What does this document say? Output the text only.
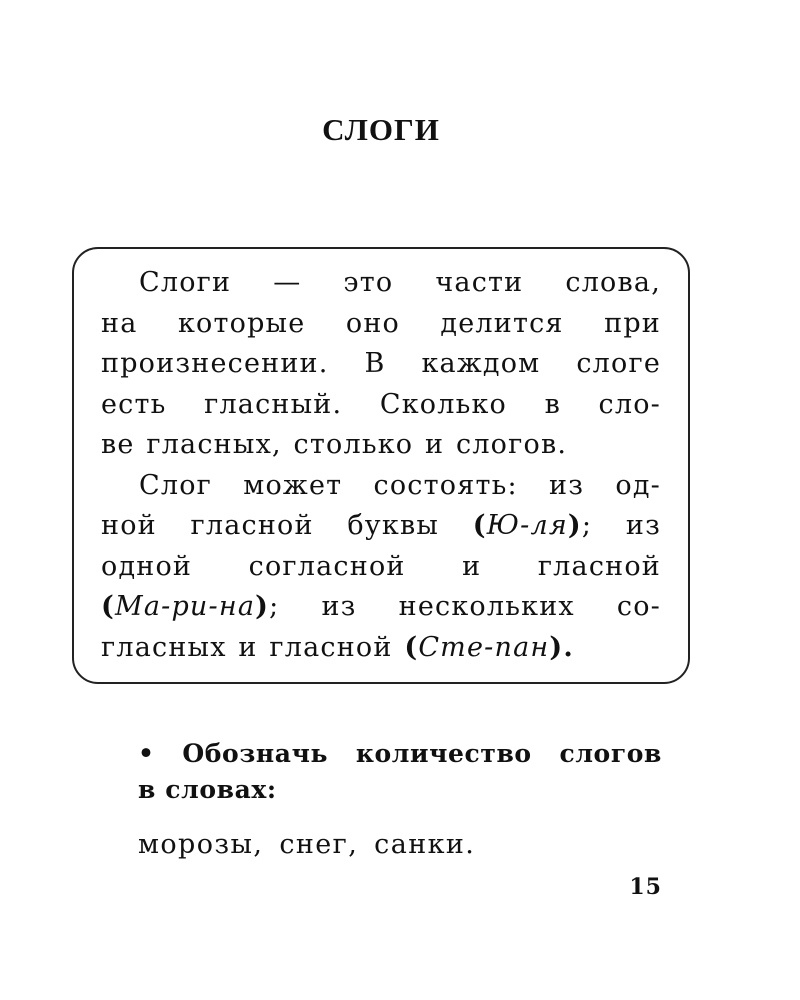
СЛОГИ

Слоги — это части слова,
на которые оно делится при
произнесении. В каждом слоге
есть гласный. Сколько в сло-
ве гласных, столько и слогов.

Слог может состоять: из од-
ной гласной буквы (Ю-ля); из
одной согласной и гласной
(Ма-ри-на); из нескольких со-
гласных и гласной (Сте-пан).

• Обозначь количество слогов
в словах:
морозы, снег, санки.
15
